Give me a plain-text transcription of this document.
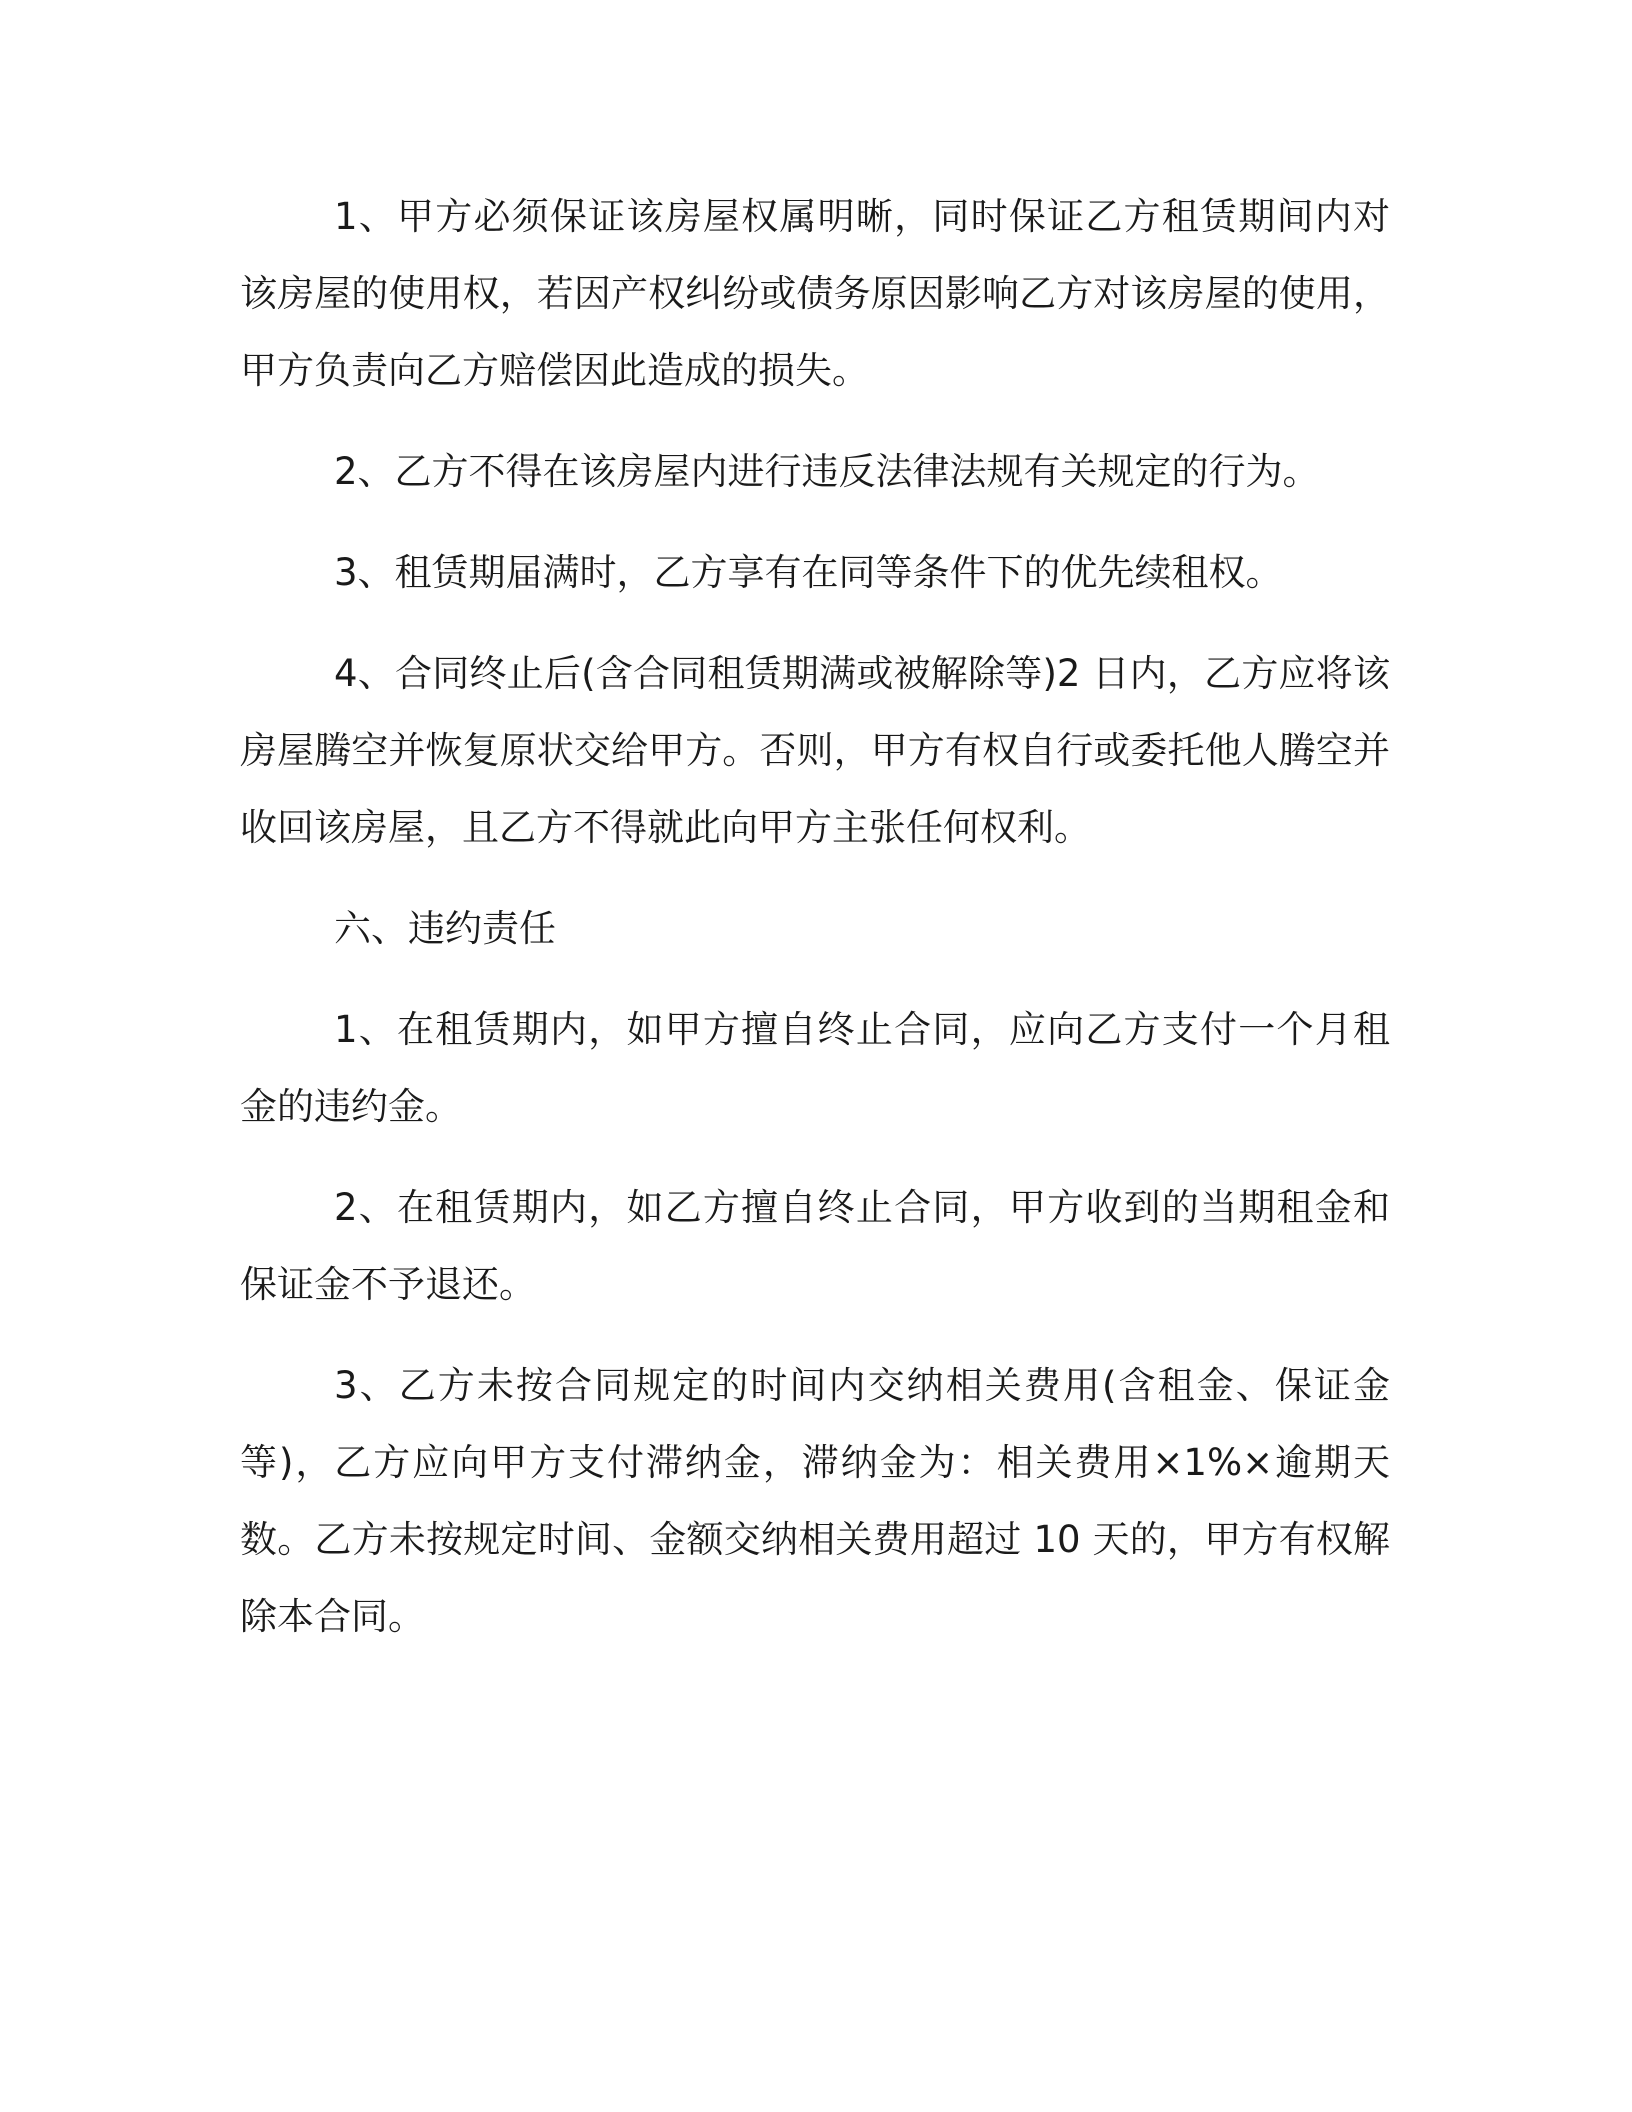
1、甲方必须保证该房屋权属明晰，同时保证乙方租赁期间内对该房屋的使用权，若因产权纠纷或债务原因影响乙方对该房屋的使用，甲方负责向乙方赔偿因此造成的损失。

2、乙方不得在该房屋内进行违反法律法规有关规定的行为。

3、租赁期届满时，乙方享有在同等条件下的优先续租权。

4、合同终止后(含合同租赁期满或被解除等)2 日内，乙方应将该房屋腾空并恢复原状交给甲方。否则，甲方有权自行或委托他人腾空并收回该房屋，且乙方不得就此向甲方主张任何权利。

六、违约责任

1、在租赁期内，如甲方擅自终止合同，应向乙方支付一个月租金的违约金。

2、在租赁期内，如乙方擅自终止合同，甲方收到的当期租金和保证金不予退还。

3、乙方未按合同规定的时间内交纳相关费用(含租金、保证金等)，乙方应向甲方支付滞纳金，滞纳金为：相关费用×1%×逾期天数。乙方未按规定时间、金额交纳相关费用超过 10 天的，甲方有权解除本合同。
